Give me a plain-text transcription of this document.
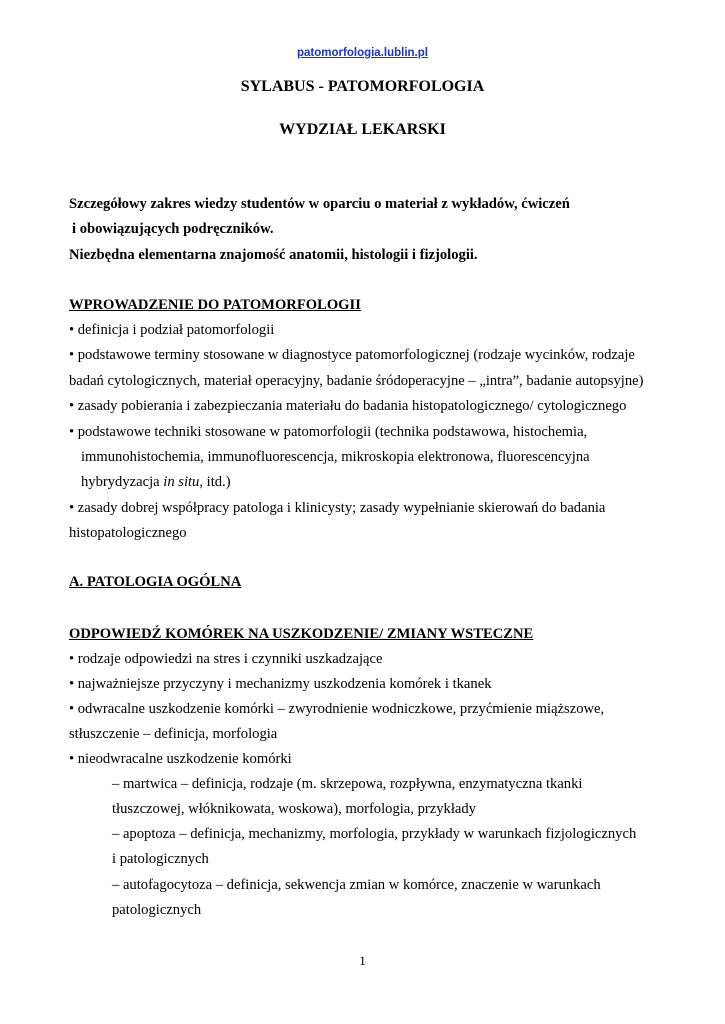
patomorfologia.lublin.pl
SYLABUS - PATOMORFOLOGIA
WYDZIAŁ LEKARSKI
Szczegółowy zakres wiedzy studentów w oparciu o materiał z wykładów, ćwiczeń
i obowiązujących podręczników.
Niezbędna elementarna znajomość anatomii, histologii i fizjologii.
WPROWADZENIE DO PATOMORFOLOGII
• definicja i podział patomorfologii
• podstawowe terminy stosowane w diagnostyce patomorfologicznej (rodzaje wycinków, rodzaje
badań cytologicznych, materiał operacyjny, badanie śródoperacyjne – „intra”, badanie autopsyjne)
• zasady pobierania i zabezpieczania materiału do badania histopatologicznego/ cytologicznego
• podstawowe techniki stosowane w patomorfologii (technika podstawowa, histochemia,
immunohistochemia, immunofluorescencja, mikroskopia elektronowa, fluorescencyjna
hybrydyzacja in situ, itd.)
• zasady dobrej współpracy patologa i klinicysty; zasady wypełnianie skierowań do badania
histopatologicznego
A. PATOLOGIA OGÓLNA
ODPOWIEDŹ KOMÓREK NA USZKODZENIE/ ZMIANY WSTECZNE
• rodzaje odpowiedzi na stres i czynniki uszkadzające
• najważniejsze przyczyny i mechanizmy uszkodzenia komórek i tkanek
• odwracalne uszkodzenie komórki – zwyrodnienie wodniczkowe, przyćmienie miąższowe,
stłuszczenie – definicja, morfologia
• nieodwracalne uszkodzenie komórki
– martwica – definicja, rodzaje (m. skrzepowa, rozpływna, enzymatyczna tkanki
tłuszczowej, włóknikowata, woskowa), morfologia, przykłady
– apoptoza – definicja, mechanizmy, morfologia, przykłady w warunkach fizjologicznych
i patologicznych
– autofagocytoza – definicja, sekwencja zmian w komórce, znaczenie w warunkach
patologicznych
1
